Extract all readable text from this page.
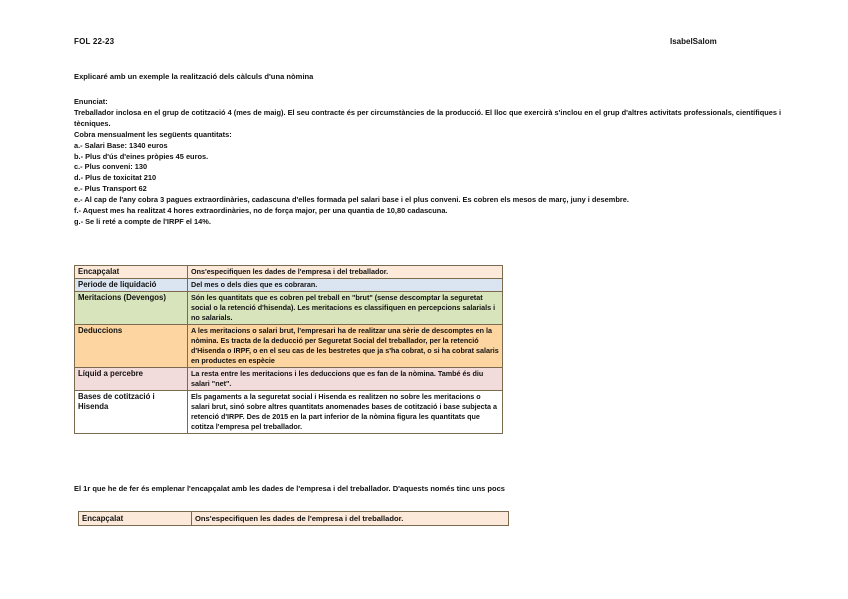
FOL 22-23	IsabelSalom
Explicaré amb un exemple la realització dels càlculs d'una nòmina
Enunciat:
Treballador inclosa en el grup de cotització 4 (mes de maig). El seu contracte és per circumstàncies de la producció. El lloc que exercirà s'inclou en el grup d'altres activitats professionals, científiques i tècniques.
Cobra mensualment les següents quantitats:
a.- Salari Base: 1340 euros
b.- Plus d'ús d'eines pròpies 45 euros.
c.- Plus conveni: 130
d.- Plus de toxicitat 210
e.- Plus Transport 62
e.- Al cap de l'any cobra 3 pagues extraordinàries, cadascuna d'elles formada pel salari base i el plus conveni. Es cobren els mesos de març, juny i desembre.
f.- Aquest mes ha realitzat 4 hores extraordinàries, no de força major, per una quantia de 10,80 cadascuna.
g.- Se li reté a compte de l'IRPF el 14%.
Encapçalat	Ons'especifiquen les dades de l'empresa i del treballador.
Periode de liquidació	Del mes o dels dies que es cobraran.
Meritacions (Devengos)	Són les quantitats que es cobren pel treball en "brut" (sense descomptar la seguretat social o la retenció d'hisenda). Les meritacions es classifiquen en percepcions salarials i no salarials.
Deduccions	A les meritacions o salari brut, l'empresari ha de realitzar una sèrie de descomptes en la nòmina. Es tracta de la deducció per Seguretat Social del treballador, per la retenció d'Hisenda o IRPF, o en el seu cas de les bestretes que ja s'ha cobrat, o si ha cobrat salaris en productes en espècie
Líquid a percebre	La resta entre les meritacions i les deduccions que es fan de la nòmina. També és diu salari "net".
Bases de cotització i Hisenda	Els pagaments a la seguretat social i Hisenda es realitzen no sobre les meritacions o salari brut, sinó sobre altres quantitats anomenades bases de cotització i base subjecta a retenció d'IRPF. Des de 2015 en la part inferior de la nòmina figura les quantitats que cotitza l'empresa pel treballador.
El 1r que he de fer és emplenar l'encapçalat amb les dades de l'empresa i del treballador. D'aquests només tinc uns pocs
Encapçalat	Ons'especifiquen les dades de l'empresa i del treballador.
